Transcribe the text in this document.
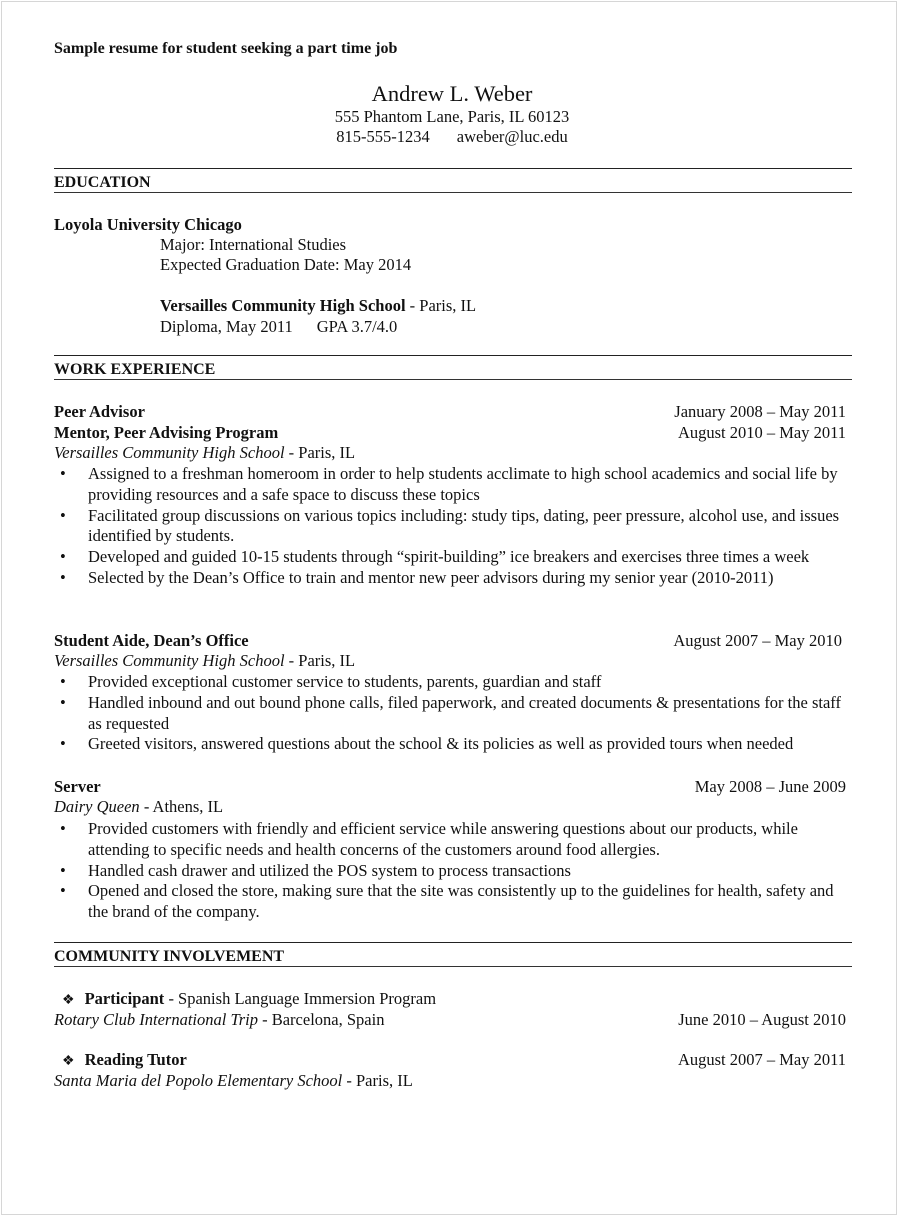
Sample resume for student seeking a part time job
Andrew L. Weber
555 Phantom Lane, Paris, IL 60123
815-555-1234 aweber@luc.edu
EDUCATION
Loyola University Chicago
Major: International Studies
Expected Graduation Date: May 2014
Versailles Community High School - Paris, IL
Diploma, May 2011 GPA 3.7/4.0
WORK EXPERIENCE
Peer Advisor	January 2008 – May 2011
Mentor, Peer Advising Program	August 2010 – May 2011
Versailles Community High School - Paris, IL
• Assigned to a freshman homeroom in order to help students acclimate to high school academics and social life by providing resources and a safe space to discuss these topics
• Facilitated group discussions on various topics including: study tips, dating, peer pressure, alcohol use, and issues identified by students.
• Developed and guided 10-15 students through “spirit-building” ice breakers and exercises three times a week
• Selected by the Dean’s Office to train and mentor new peer advisors during my senior year (2010-2011)
Student Aide, Dean’s Office	August 2007 – May 2010
Versailles Community High School - Paris, IL
• Provided exceptional customer service to students, parents, guardian and staff
• Handled inbound and out bound phone calls, filed paperwork, and created documents & presentations for the staff as requested
• Greeted visitors, answered questions about the school & its policies as well as provided tours when needed
Server	May 2008 – June 2009
Dairy Queen - Athens, IL
• Provided customers with friendly and efficient service while answering questions about our products, while attending to specific needs and health concerns of the customers around food allergies.
• Handled cash drawer and utilized the POS system to process transactions
• Opened and closed the store, making sure that the site was consistently up to the guidelines for health, safety and the brand of the company.
COMMUNITY INVOLVEMENT
❖ Participant - Spanish Language Immersion Program
Rotary Club International Trip - Barcelona, Spain	June 2010 – August 2010
❖ Reading Tutor	August 2007 – May 2011
Santa Maria del Popolo Elementary School - Paris, IL
